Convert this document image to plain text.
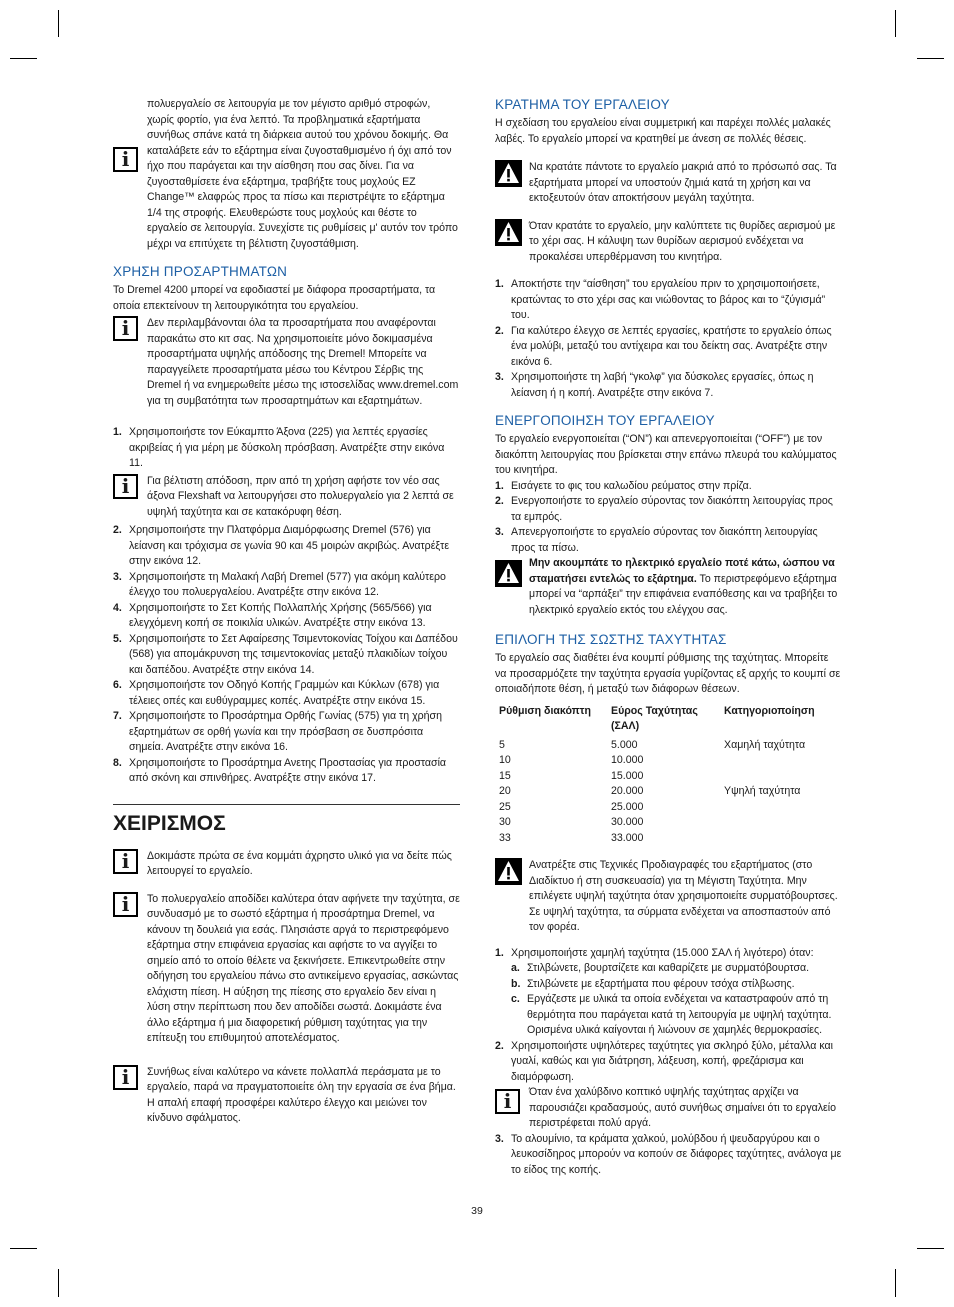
i
πολυεργαλείο σε λειτουργία με τον μέγιστο αριθμό στροφών, χωρίς φορτίο, για ένα λεπτό. Τα προβληματικά εξαρτήματα συνήθως σπάνε κατά τη διάρκεια αυτού του χρόνου δοκιμής. Θα καταλάβετε εάν το εξάρτημα είναι ζυγοσταθμισμένο ή όχι από τον ήχο που παράγεται και την αίσθηση που σας δίνει. Για να ζυγοσταθμίσετε ένα εξάρτημα, τραβήξτε τους μοχλούς EZ Change™ ελαφρώς προς τα πίσω και περιστρέψτε το εξάρτημα 1/4 της στροφής. Ελευθερώστε τους μοχλούς και θέστε το εργαλείο σε λειτουργία. Συνεχίστε τις ρυθμίσεις μ' αυτόν τον τρόπο μέχρι να επιτύχετε τη βέλτιστη ζυγοστάθμιση.
ΧΡΗΣΗ ΠΡΟΣΑΡΤΗΜΑΤΩΝ

Το Dremel 4200 μπορεί να εφοδιαστεί με διάφορα προσαρτήματα, τα οποία επεκτείνουν τη λειτουργικότητα του εργαλείου.

i	Δεν περιλαμβάνονται όλα τα προσαρτήματα που αναφέρονται παρακάτω στο κιτ σας. Να χρησιμοποιείτε μόνο δοκιμασμένα προσαρτήματα υψηλής απόδοσης της Dremel! Μπορείτε να παραγγείλετε προσαρτήματα μέσω του Κέντρου Σέρβις της Dremel ή να ενημερωθείτε μέσω της ιστοσελίδας www.dremel.com για τη συμβατότητα των προσαρτημάτων και εξαρτημάτων.
1. Χρησιμοποιήστε τον Εύκαμπτο Άξονα (225) για λεπτές εργασίες ακριβείας ή για μέρη με δύσκολη πρόσβαση. Ανατρέξτε στην εικόνα 11.
i	Για βέλτιστη απόδοση, πριν από τη χρήση αφήστε τον νέο σας άξονα Flexshaft να λειτουργήσει στο πολυεργαλείο για 2 λεπτά σε υψηλή ταχύτητα και σε κατακόρυφη θέση.
2. Χρησιμοποιήστε την Πλατφόρμα Διαμόρφωσης Dremel (576) για λείανση και τρόχισμα σε γωνία 90 και 45 μοιρών ακριβώς. Ανατρέξτε στην εικόνα 12.
3. Χρησιμοποιήστε τη Μαλακή Λαβή Dremel (577) για ακόμη καλύτερο έλεγχο του πολυεργαλείου. Ανατρέξτε στην εικόνα 12.
4. Χρησιμοποιήστε το Σετ Κοπής Πολλαπλής Χρήσης (565/566) για ελεγχόμενη κοπή σε ποικιλία υλικών. Ανατρέξτε στην εικόνα 13.
5. Χρησιμοποιήστε το Σετ Αφαίρεσης Τσιμεντοκονίας Τοίχου και Δαπέδου (568) για απομάκρυνση της τσιμεντοκονίας μεταξύ πλακιδίων τοίχου και δαπέδου. Ανατρέξτε στην εικόνα 14.
6. Χρησιμοποιήστε τον Οδηγό Κοπής Γραμμών και Κύκλων (678) για τέλειες οπές και ευθύγραμμες κοπές. Ανατρέξτε στην εικόνα 15.
7. Χρησιμοποιήστε το Προσάρτημα Ορθής Γωνίας (575) για τη χρήση εξαρτημάτων σε ορθή γωνία και την πρόσβαση σε δυσπρόσιτα σημεία. Ανατρέξτε στην εικόνα 16.
8. Χρησιμοποιήστε το Προσάρτημα Ανετης Προστασίας για προστασία από σκόνη και σπινθήρες. Ανατρέξτε στην εικόνα 17.
ΧΕΙΡΙΣΜΟΣ
i	Δοκιμάστε πρώτα σε ένα κομμάτι άχρηστο υλικό για να δείτε πώς λειτουργεί το εργαλείο.
i	Το πολυεργαλείο αποδίδει καλύτερα όταν αφήνετε την ταχύτητα, σε συνδυασμό με το σωστό εξάρτημα ή προσάρτημα Dremel, να κάνουν τη δουλειά για εσάς. Πλησιάστε αργά το περιστρεφόμενο εξάρτημα στην επιφάνεια εργασίας και αφήστε το να αγγίξει το σημείο από το οποίο θέλετε να ξεκινήσετε. Επικεντρωθείτε στην οδήγηση του εργαλείου πάνω στο αντικείμενο εργασίας, ασκώντας ελάχιστη πίεση. Η αύξηση της πίεσης στο εργαλείο δεν είναι η λύση στην περίπτωση που δεν αποδίδει σωστά. Δοκιμάστε ένα άλλο εξάρτημα ή μια διαφορετική ρύθμιση ταχύτητας για την επίτευξη του επιθυμητού αποτελέσματος.
i	Συνήθως είναι καλύτερο να κάνετε πολλαπλά περάσματα με το εργαλείο, παρά να πραγματοποιείτε όλη την εργασία σε ένα βήμα. Η απαλή επαφή προσφέρει καλύτερο έλεγχο και μειώνει τον κίνδυνο σφάλματος.
ΚΡΑΤΗΜΑ ΤΟΥ ΕΡΓΑΛΕΙΟΥ

Η σχεδίαση του εργαλείου είναι συμμετρική και παρέχει πολλές μαλακές λαβές. Το εργαλείο μπορεί να κρατηθεί με άνεση σε πολλές θέσεις.

Να κρατάτε πάντοτε το εργαλείο μακριά από το πρόσωπό σας. Τα εξαρτήματα μπορεί να υποστούν ζημιά κατά τη χρήση και να εκτοξευτούν όταν αποκτήσουν μεγάλη ταχύτητα.
Όταν κρατάτε το εργαλείο, μην καλύπτετε τις θυρίδες αερισμού με το χέρι σας. Η κάλυψη των θυρίδων αερισμού ενδέχεται να προκαλέσει υπερθέρμανση του κινητήρα.
1. Αποκτήστε την “αίσθηση” του εργαλείου πριν το χρησιμοποιήσετε, κρατώντας το στο χέρι σας και νιώθοντας το βάρος και το “ζύγισμά” του.
2. Για καλύτερο έλεγχο σε λεπτές εργασίες, κρατήστε το εργαλείο όπως ένα μολύβι, μεταξύ του αντίχειρα και του δείκτη σας. Ανατρέξτε στην εικόνα 6.
3. Χρησιμοποιήστε τη λαβή “γκολφ” για δύσκολες εργασίες, όπως η λείανση ή η κοπή. Ανατρέξτε στην εικόνα 7.
ΕΝΕΡΓΟΠΟΙΗΣΗ ΤΟΥ ΕΡΓΑΛΕΙΟΥ

Το εργαλείο ενεργοποιείται (“ON”) και απενεργοποιείται (“OFF”) με τον διακόπτη λειτουργίας που βρίσκεται στην επάνω πλευρά του καλύμματος του κινητήρα.

1. Εισάγετε το φις του καλωδίου ρεύματος στην πρίζα.
2. Ενεργοποιήστε το εργαλείο σύροντας τον διακόπτη λειτουργίας προς τα εμπρός.
3. Απενεργοποιήστε το εργαλείο σύροντας τον διακόπτη λειτουργίας προς τα πίσω.
Μην ακουμπάτε το ηλεκτρικό εργαλείο ποτέ κάτω, ώσπου να σταματήσει εντελώς το εξάρτημα. Το περιστρεφόμενο εξάρτημα μπορεί να “αρπάξει” την επιφάνεια εναπόθεσης και να τραβήξει το ηλεκτρικό εργαλείο εκτός του ελέγχου σας.
ΕΠΙΛΟΓΗ ΤΗΣ ΣΩΣΤΗΣ ΤΑΧΥΤΗΤΑΣ

Το εργαλείο σας διαθέτει ένα κουμπί ρύθμισης της ταχύτητας. Μπορείτε να προσαρμόζετε την ταχύτητα εργασία γυρίζοντας εξ αρχής το κουμπί σε οποιαδήποτε θέση, ή μεταξύ των διάφορων θέσεων.

Ρύθμιση διακόπτη	Εύρος Ταχύτητας (ΣΑΛ)	Κατηγοριοποίηση
5	5.000	Χαμηλή ταχύτητα
10	10.000	
15	15.000	
20	20.000	Υψηλή ταχύτητα
25	25.000	
30	30.000	
33	33.000	
Ανατρέξτε στις Τεχνικές Προδιαγραφές του εξαρτήματος (στο Διαδίκτυο ή στη συσκευασία) για τη Μέγιστη Ταχύτητα. Μην επιλέγετε υψηλή ταχύτητα όταν χρησιμοποιείτε συρματόβουρτσες. Σε υψηλή ταχύτητα, τα σύρματα ενδέχεται να αποσπαστούν από τον φορέα.
1. Χρησιμοποιήστε χαμηλή ταχύτητα (15.000 ΣΑΛ ή λιγότερο) όταν:
a. Στιλβώνετε, βουρτσίζετε και καθαρίζετε με συρματόβουρτσα.
b. Στιλβώνετε με εξαρτήματα που φέρουν τσόχα στίλβωσης.
c. Εργάζεστε με υλικά τα οποία ενδέχεται να καταστραφούν από τη θερμότητα που παράγεται κατά τη λειτουργία με υψηλή ταχύτητα. Ορισμένα υλικά καίγονται ή λιώνουν σε χαμηλές θερμοκρασίες.
2. Χρησιμοποιήστε υψηλότερες ταχύτητες για σκληρό ξύλο, μέταλλα και γυαλί, καθώς και για διάτρηση, λάξευση, κοπή, φρεζάρισμα και διαμόρφωση.
i	Όταν ένα χαλύβδινο κοπτικό υψηλής ταχύτητας αρχίζει να παρουσιάζει κραδασμούς, αυτό συνήθως σημαίνει ότι το εργαλείο περιστρέφεται πολύ αργά.
3. Το αλουμίνιο, τα κράματα χαλκού, μολύβδου ή ψευδαργύρου και ο λευκοσίδηρος μπορούν να κοπούν σε διάφορες ταχύτητες, ανάλογα με το είδος της κοπής.
39
